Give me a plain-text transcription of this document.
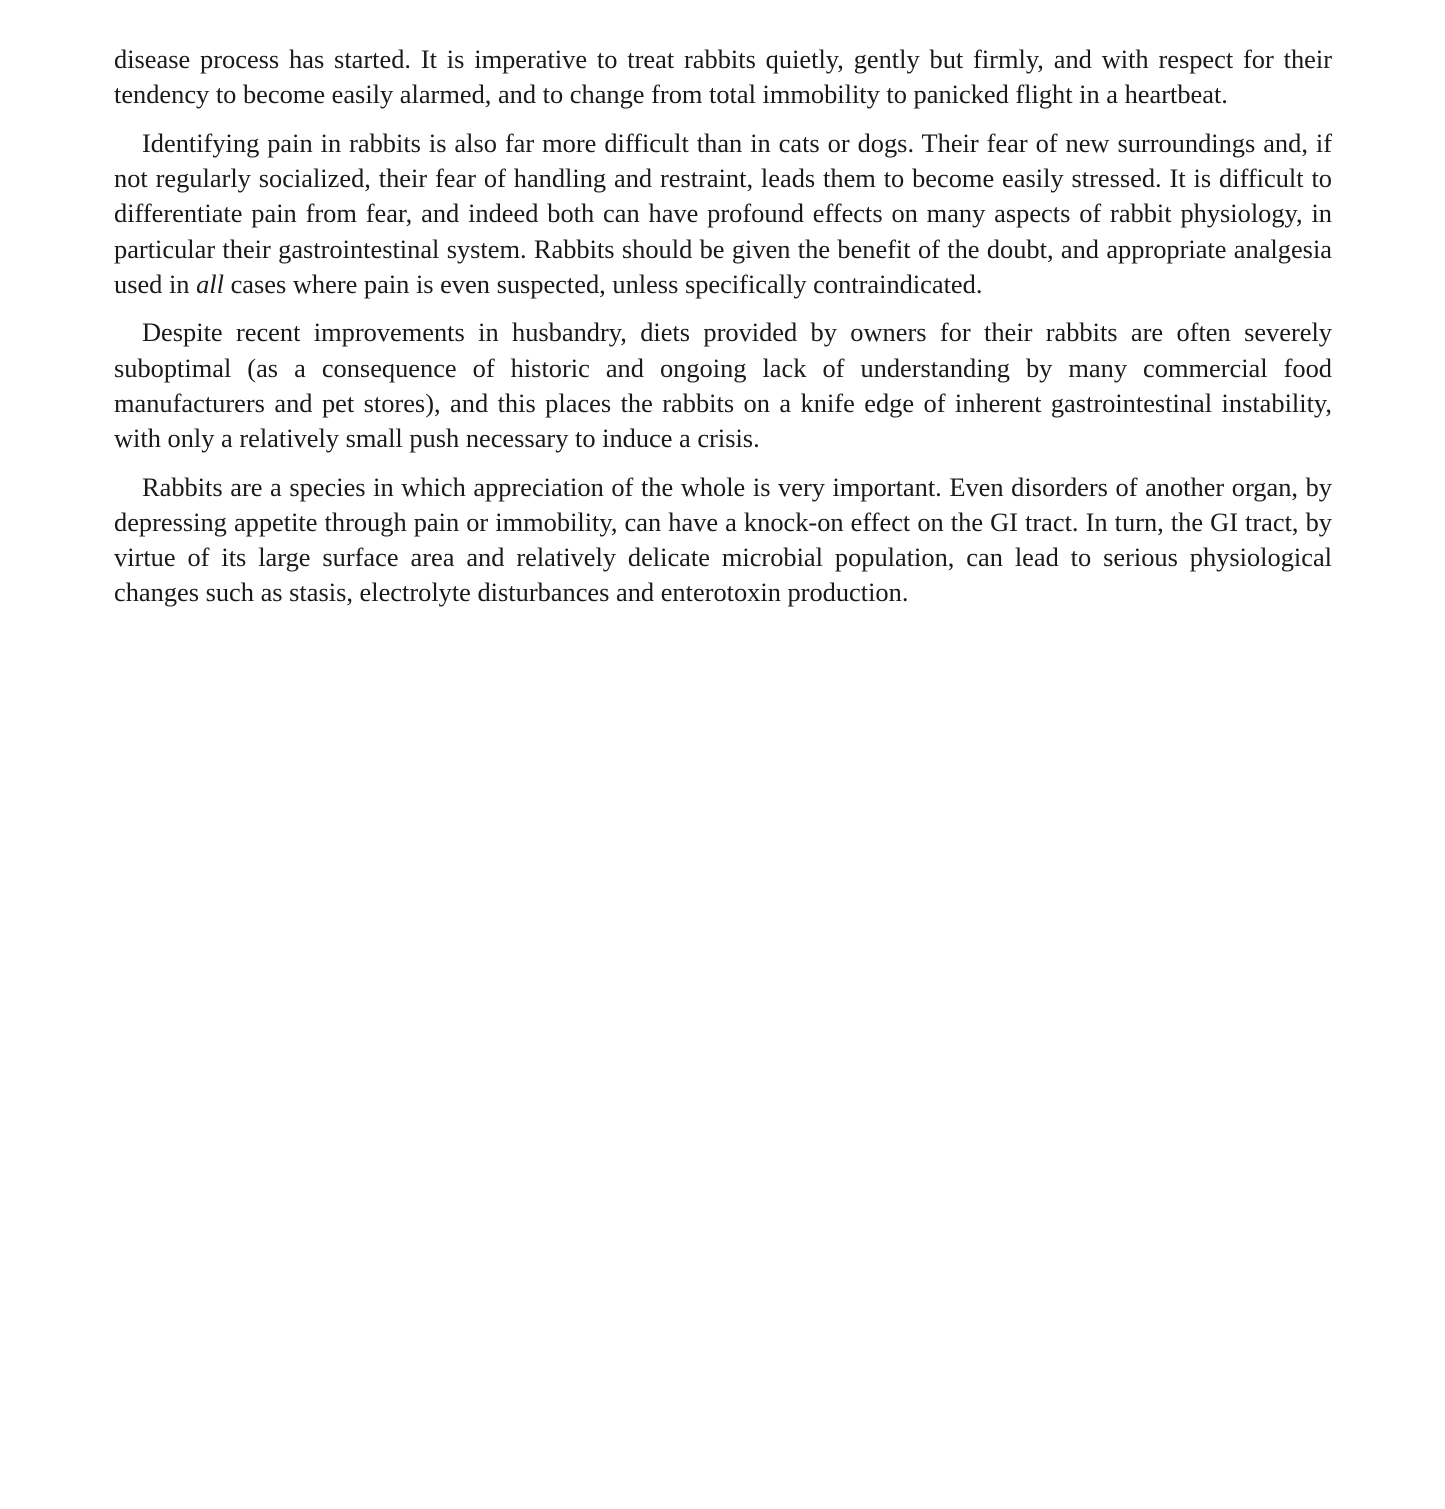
disease process has started. It is imperative to treat rabbits quietly, gently but firmly, and with respect for their tendency to become easily alarmed, and to change from total immobility to panicked flight in a heartbeat.

Identifying pain in rabbits is also far more difficult than in cats or dogs. Their fear of new surroundings and, if not regularly socialized, their fear of handling and restraint, leads them to become easily stressed. It is difficult to differentiate pain from fear, and indeed both can have profound effects on many aspects of rabbit physiology, in particular their gastrointestinal system. Rabbits should be given the benefit of the doubt, and appropriate analgesia used in all cases where pain is even suspected, unless specifically contraindicated.

Despite recent improvements in husbandry, diets provided by owners for their rabbits are often severely suboptimal (as a consequence of historic and ongoing lack of understanding by many commercial food manufacturers and pet stores), and this places the rabbits on a knife edge of inherent gastrointestinal instability, with only a relatively small push necessary to induce a crisis.

Rabbits are a species in which appreciation of the whole is very important. Even disorders of another organ, by depressing appetite through pain or immobility, can have a knock-on effect on the GI tract. In turn, the GI tract, by virtue of its large surface area and relatively delicate microbial population, can lead to serious physiological changes such as stasis, electrolyte disturbances and enterotoxin production.
